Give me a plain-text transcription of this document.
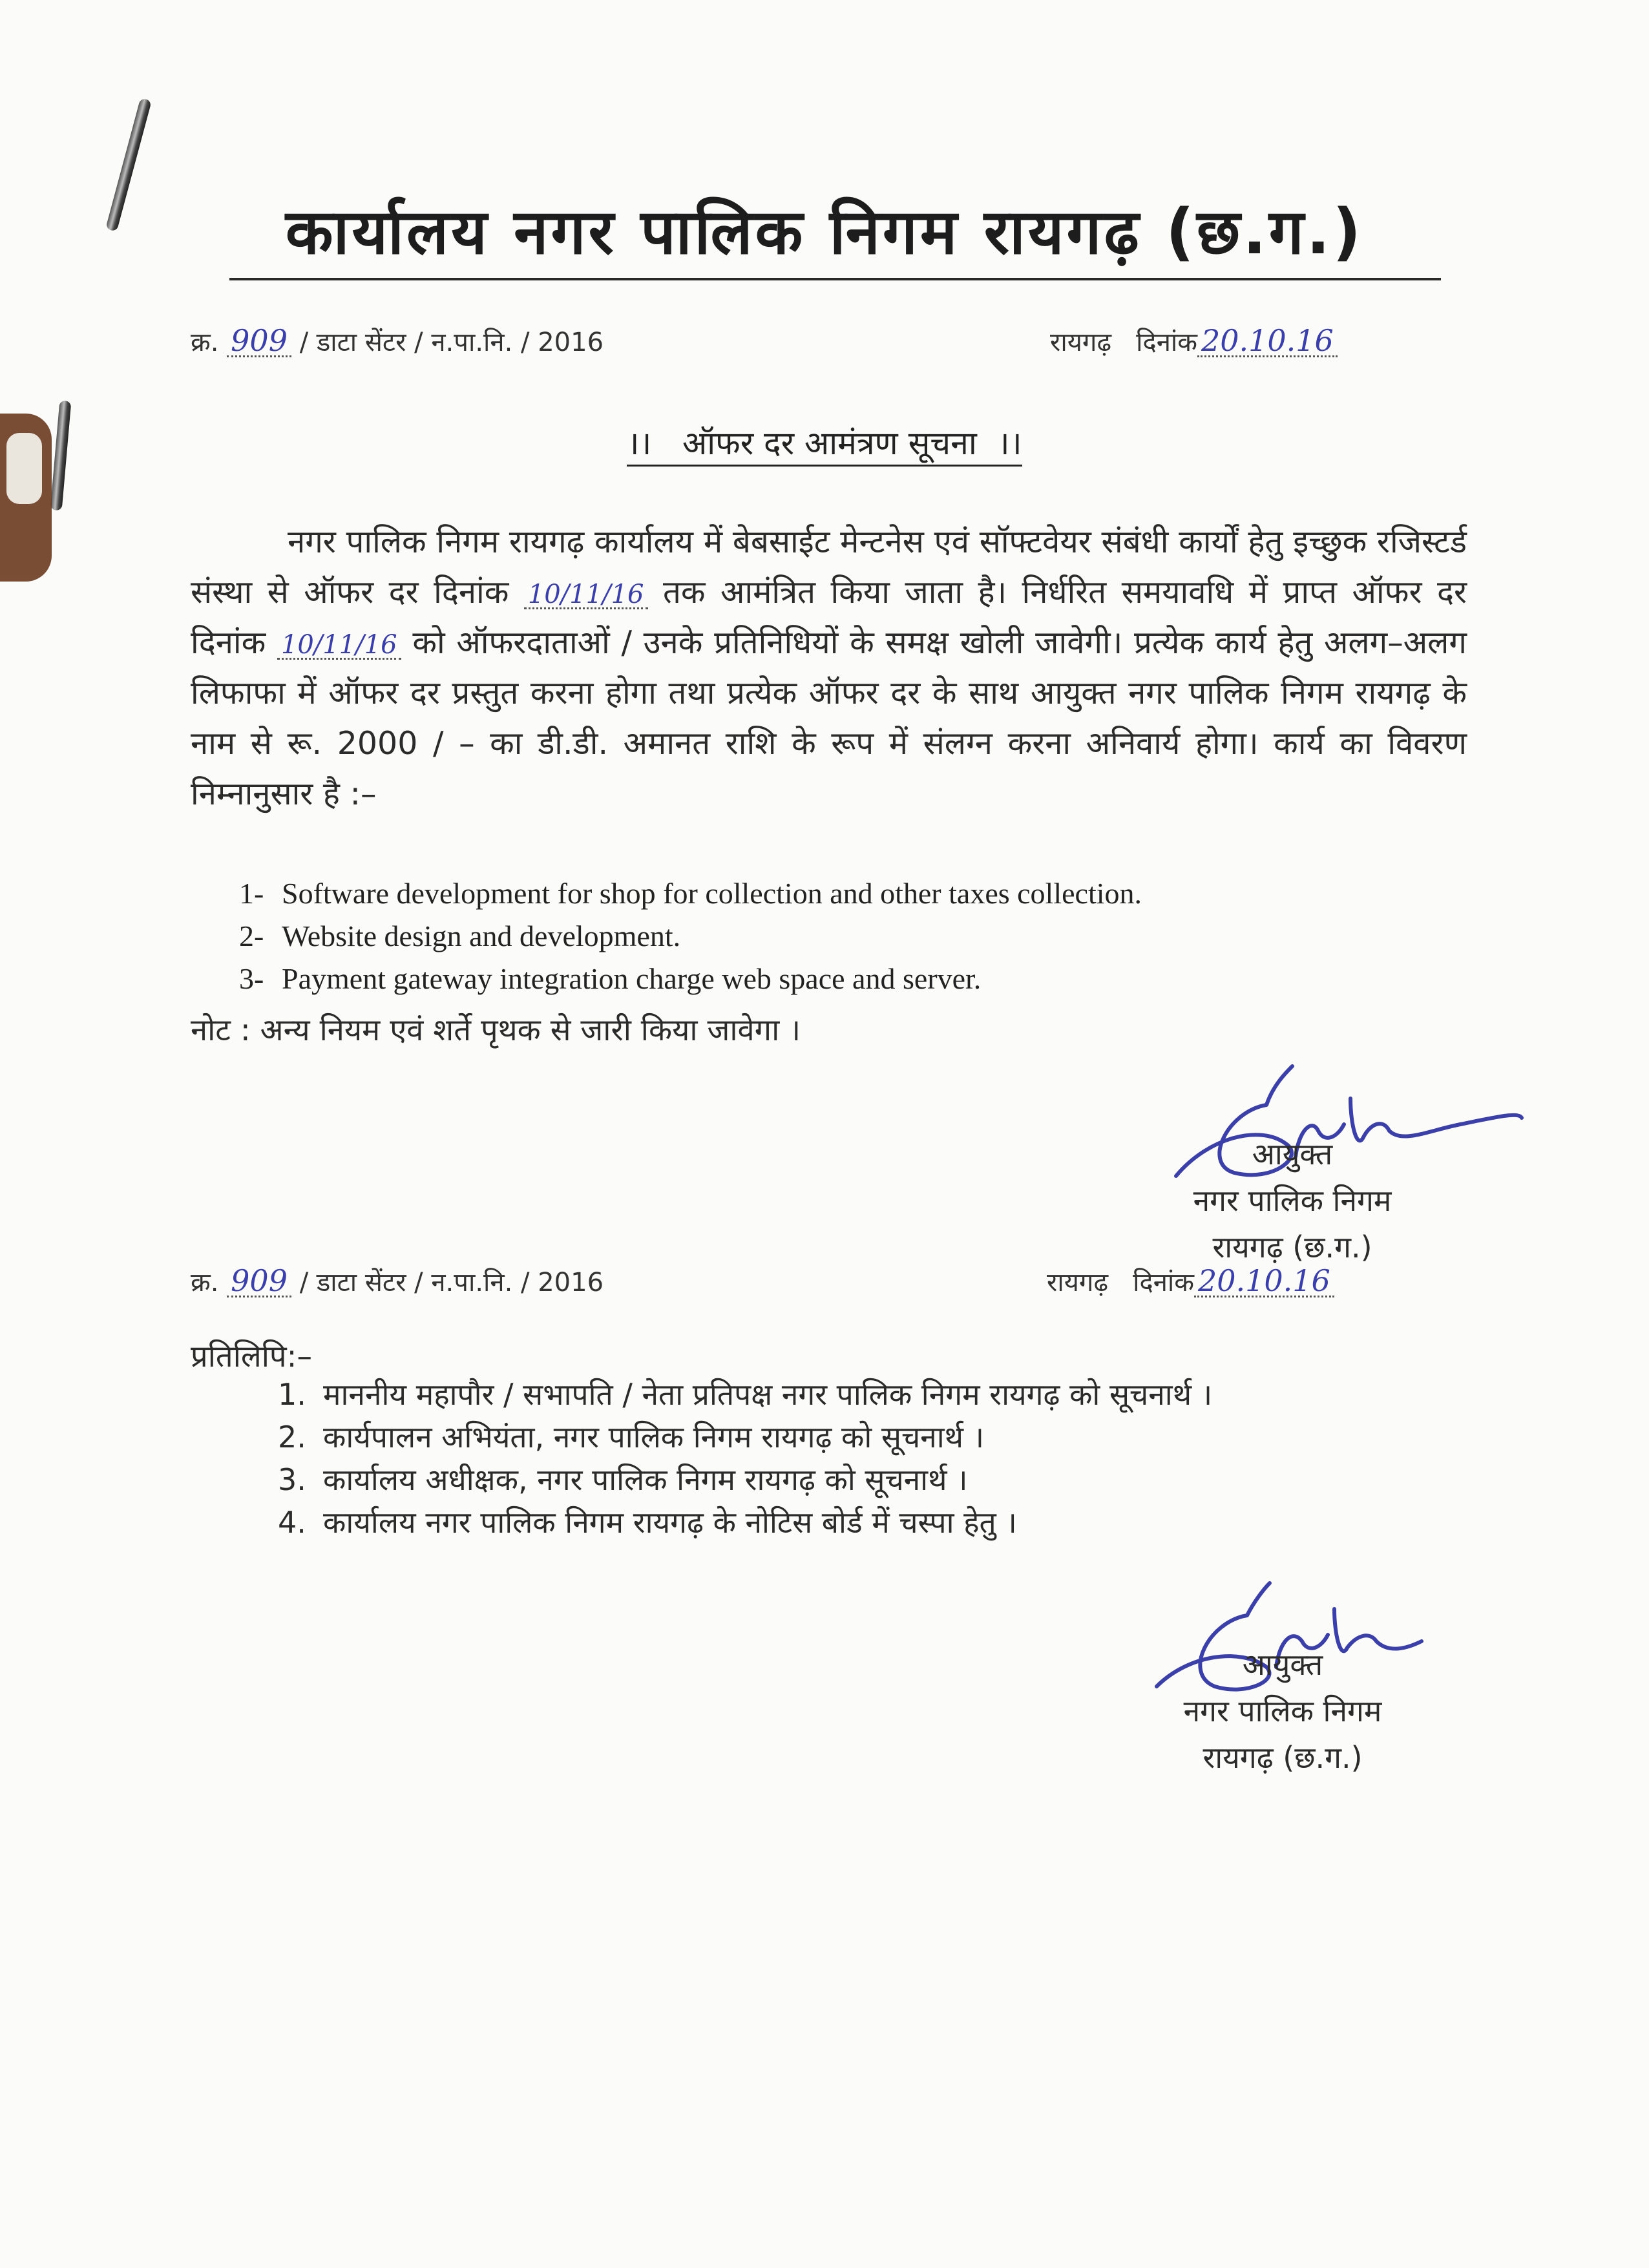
कार्यालय नगर पालिक निगम रायगढ़ (छ.ग.)
क्र. 909 / डाटा सेंटर / न.पा.नि. / 2016	रायगढ़   दिनांक 20.10.16
।।   ऑफर दर आमंत्रण सूचना  ।।

नगर पालिक निगम रायगढ़ कार्यालय में बेबसाईट मेन्टनेस एवं सॉफ्टवेयर संबंधी कार्यों हेतु इच्छुक रजिस्टर्ड संस्था से ऑफर दर दिनांक 10/11/16 तक आमंत्रित किया जाता है। निर्धरित समयावधि में प्राप्त ऑफर दर दिनांक 10/11/16 को ऑफरदाताओं / उनके प्रतिनिधियों के समक्ष खोली जावेगी। प्रत्येक कार्य हेतु अलग–अलग लिफाफा में ऑफर दर प्रस्तुत करना होगा तथा प्रत्येक ऑफर दर के साथ आयुक्त नगर पालिक निगम रायगढ़ के नाम से रू. 2000 / – का डी.डी. अमानत राशि के रूप में संलग्न करना अनिवार्य होगा। कार्य का विवरण निम्नानुसार है :–

1- Software development for shop for collection and other taxes collection.
2- Website design and development.
3- Payment gateway integration charge web space and server.
नोट : अन्य नियम एवं शर्ते पृथक से जारी किया जावेगा ।
आयुक्त
नगर पालिक निगम
रायगढ़ (छ.ग.)
क्र. 909 / डाटा सेंटर / न.पा.नि. / 2016	रायगढ़   दिनांक 20.10.16
प्रतिलिपि:–
1. माननीय महापौर / सभापति / नेता प्रतिपक्ष नगर पालिक निगम रायगढ़ को सूचनार्थ ।
2. कार्यपालन अभियंता, नगर पालिक निगम रायगढ़ को सूचनार्थ ।
3. कार्यालय अधीक्षक, नगर पालिक निगम रायगढ़ को सूचनार्थ ।
4. कार्यालय नगर पालिक निगम रायगढ़ के नोटिस बोर्ड में चस्पा हेतु ।
आयुक्त
नगर पालिक निगम
रायगढ़ (छ.ग.)
